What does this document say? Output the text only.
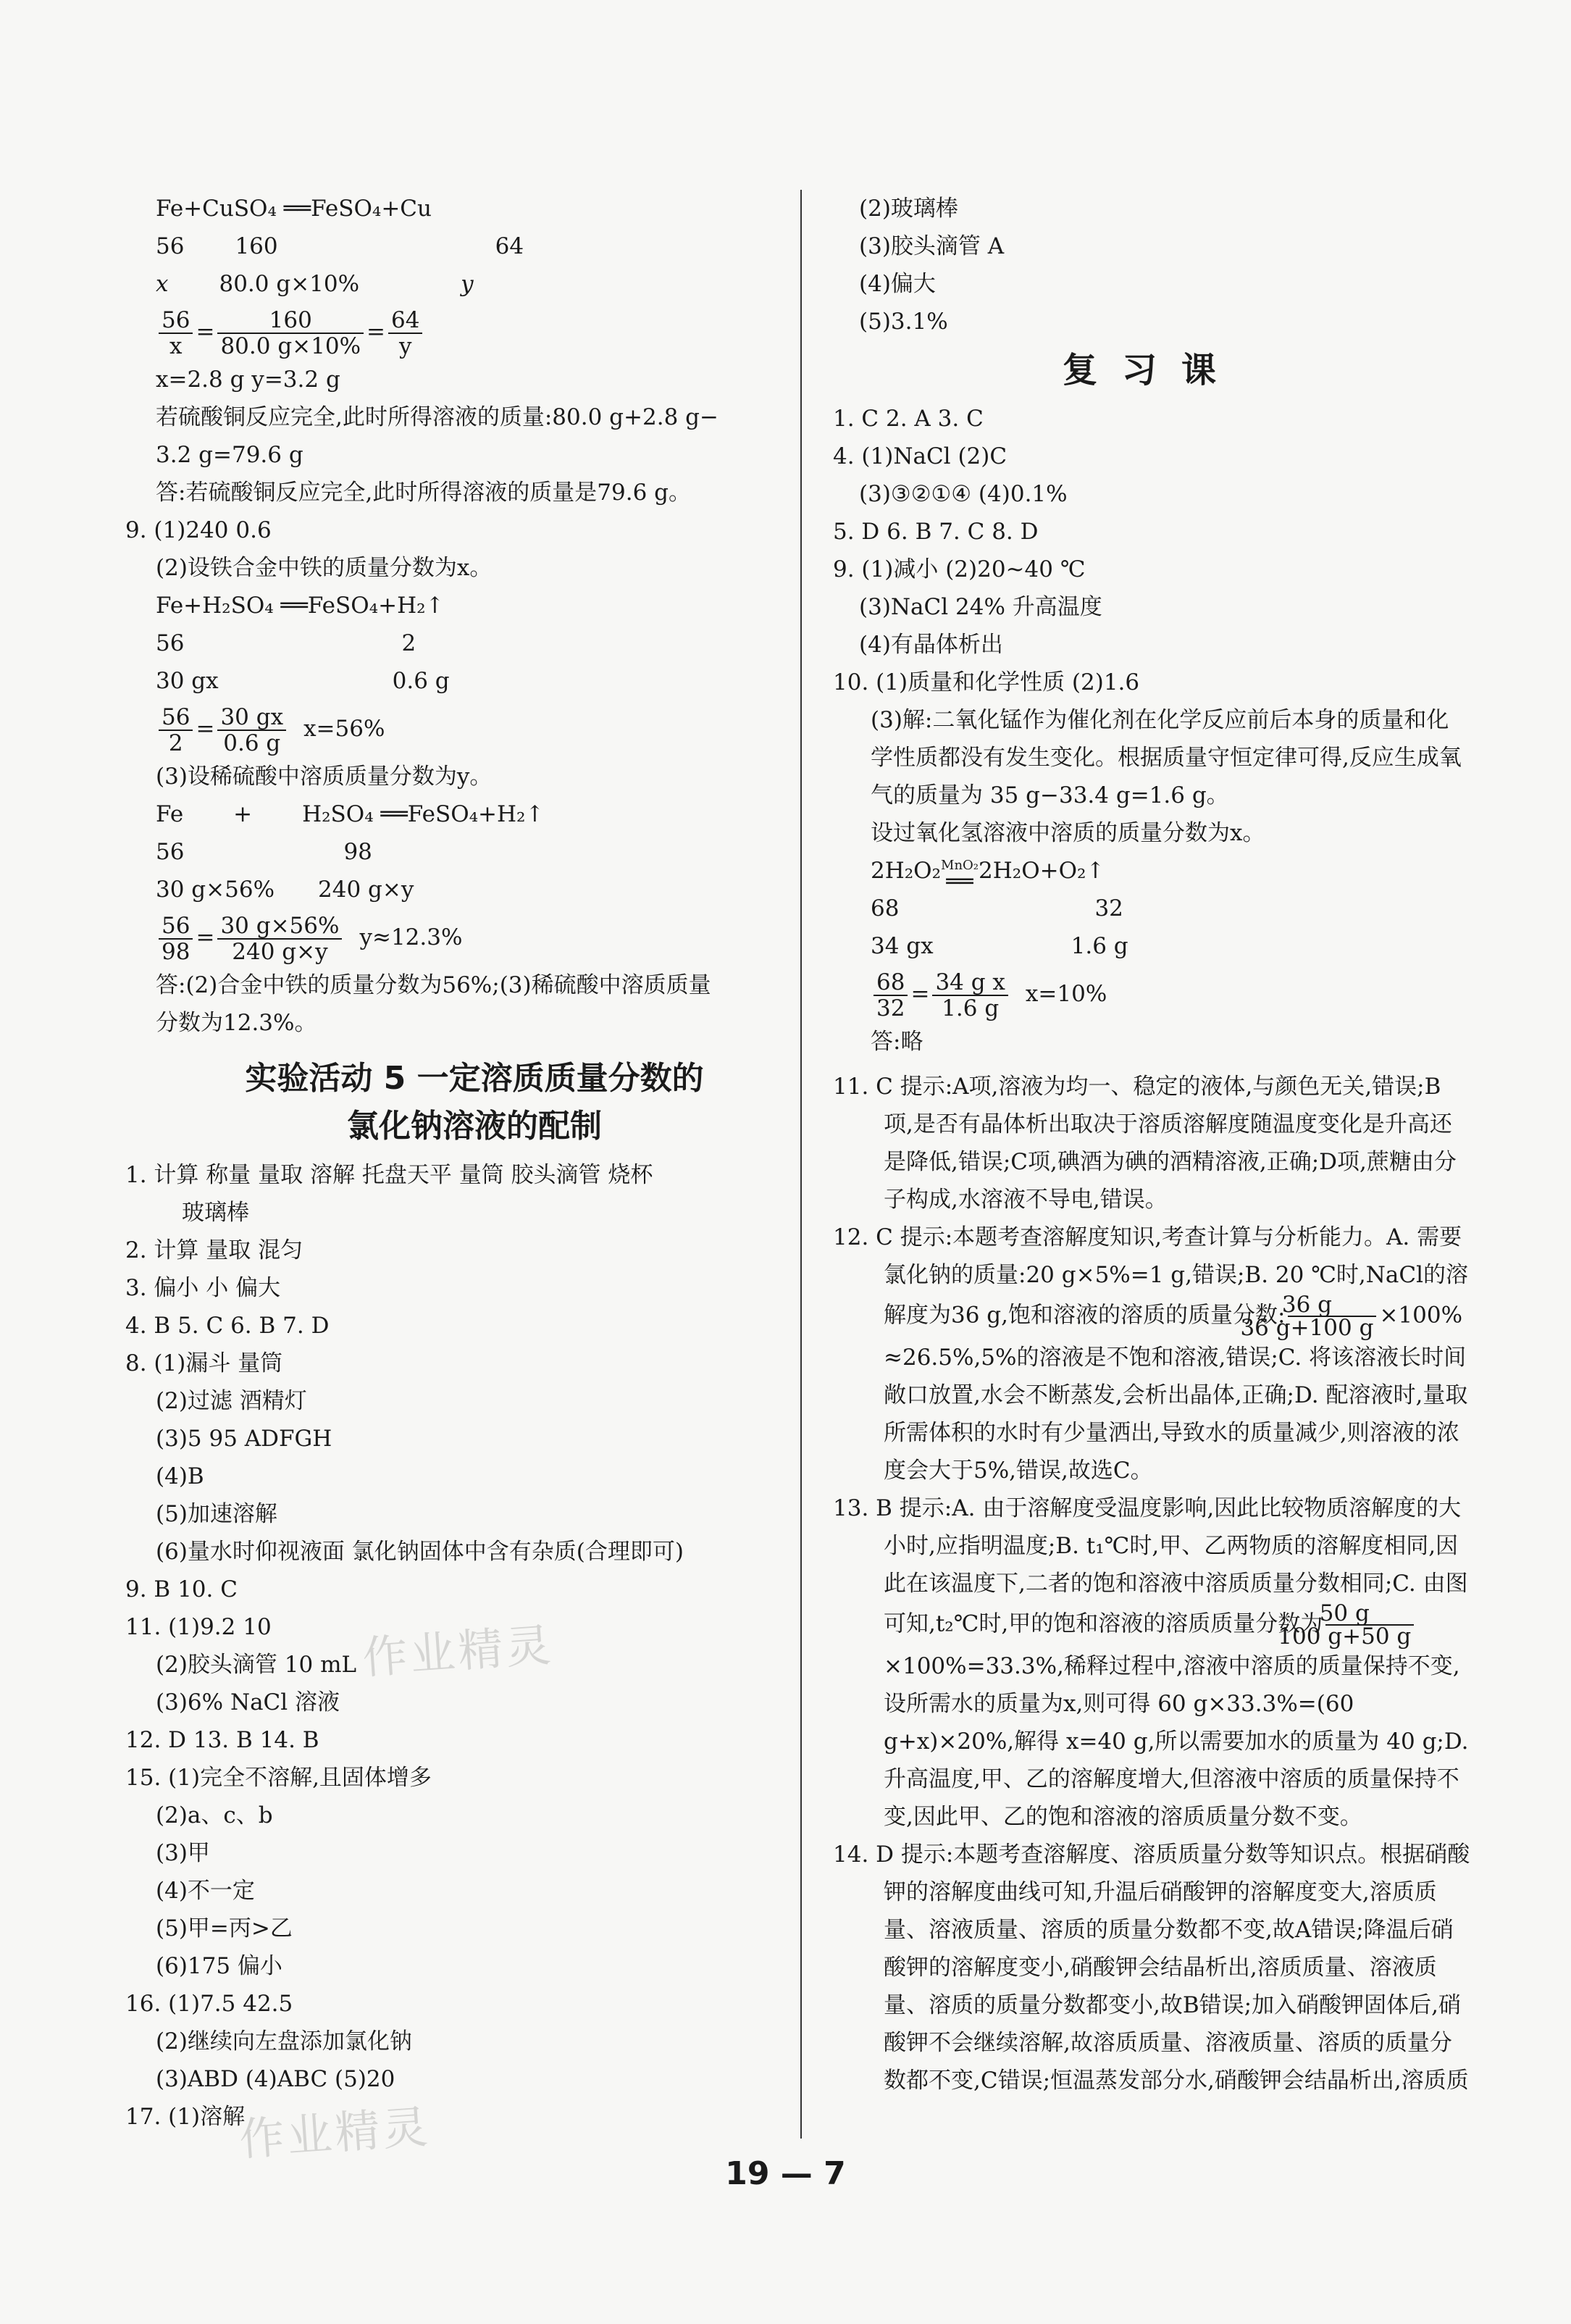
Fe+CuSO₄ ══FeSO₄+Cu
56 160	64
x 80.0 g×10%	y
$\frac{56}{x} = \frac{160}{80.0 g\times 10\%} = \frac{64}{y}$
x=2.8 g y=3.2 g
若硫酸铜反应完全,此时所得溶液的质量:80.0 g+2.8 g−
3.2 g=79.6 g
答:若硫酸铜反应完全,此时所得溶液的质量是79.6 g。
9. (1)240 0.6
(2)设铁合金中铁的质量分数为x。
Fe+H₂SO₄ ══FeSO₄+H₂↑
56	2
30 gx	0.6 g
$\frac{56}{2} = \frac{30 gx}{0.6 g} x=56\%$
(3)设稀硫酸中溶质质量分数为y。
Fe       +       H₂SO₄ ══FeSO₄+H₂↑
56	98
30 g×56% 240 g×y
$\frac{56}{98} = \frac{30 g\times 56\%}{240 g\times y} y\approx 12.3\%$
答:(2)合金中铁的质量分数为56%;(3)稀硫酸中溶质质量
分数为12.3%。
实验活动 5 一定溶质质量分数的
氯化钠溶液的配制
1. 计算 称量 量取 溶解 托盘天平 量筒 胶头滴管 烧杯
玻璃棒
2. 计算 量取 混匀
3. 偏小 小 偏大
4. B 5. C 6. B 7. D
8. (1)漏斗 量筒
(2)过滤 酒精灯
(3)5 95 ADFGH
(4)B
(5)加速溶解
(6)量水时仰视液面 氯化钠固体中含有杂质(合理即可)
9. B 10. C
11. (1)9.2 10
(2)胶头滴管 10 mL
(3)6% NaCl 溶液
12. D 13. B 14. B
15. (1)完全不溶解,且固体增多
(2)a、c、b
(3)甲
(4)不一定
(5)甲=丙>乙
(6)175 偏小
16. (1)7.5 42.5
(2)继续向左盘添加氯化钠
(3)ABD (4)ABC (5)20
17. (1)溶解
(2)玻璃棒
(3)胶头滴管 A
(4)偏大
(5)3.1%
复习课
1. C 2. A 3. C
4. (1)NaCl (2)C
(3)③②①④ (4)0.1%
5. D 6. B 7. C 8. D
9. (1)减小 (2)20~40 ℃
(3)NaCl 24% 升高温度
(4)有晶体析出
10. (1)质量和化学性质 (2)1.6
(3)解:二氧化锰作为催化剂在化学反应前后本身的质量和化学性质都没有发生变化。根据质量守恒定律可得,反应生成氧气的质量为 35 g−33.4 g=1.6 g。
设过氧化氢溶液中溶质的质量分数为x。
2H₂O₂ MnO₂
══ 2H₂O+O₂↑
68	32
34 gx	1.6 g
$\frac{68}{32} = \frac{\text{34 g x}}{1.6 g} x=10\%$
答:略
11. C 提示:A项,溶液为均一、稳定的液体,与颜色无关,错误;B项,是否有晶体析出取决于溶质溶解度随温度变化是升高还是降低,错误;C项,碘酒为碘的酒精溶液,正确;D项,蔗糖由分子构成,水溶液不导电,错误。
12. C 提示:本题考查溶解度知识,考查计算与分析能力。A. 需要氯化钠的质量:20 g×5%=1 g,错误;B. 20 ℃时,NaCl的溶解度为36 g,饱和溶液的溶质的质量分数: $\frac{36 g}{36 g+100 g} \times 100\%$
≈26.5%,5%的溶液是不饱和溶液,错误;C. 将该溶液长时间敞口放置,水会不断蒸发,会析出晶体,正确;D. 配溶液时,量取所需体积的水时有少量洒出,导致水的质量减少,则溶液的浓度会大于5%,错误,故选C。
13. B 提示:A. 由于溶解度受温度影响,因此比较物质溶解度的大小时,应指明温度;B. t₁℃时,甲、乙两物质的溶解度相同,因此在该温度下,二者的饱和溶液中溶质质量分数相同;C. 由图可知,t₂℃时,甲的饱和溶液的溶质质量分数为 $\frac{50 g}{100 g+50 g}$
×100%=33.3%,稀释过程中,溶液中溶质的质量保持不变,设所需水的质量为x,则可得 60 g×33.3%=(60 g+x)×20%,解得 x=40 g,所以需要加水的质量为 40 g;D. 升高温度,甲、乙的溶解度增大,但溶液中溶质的质量保持不变,因此甲、乙的饱和溶液的溶质质量分数不变。
14. D 提示:本题考查溶解度、溶质质量分数等知识点。根据硝酸钾的溶解度曲线可知,升温后硝酸钾的溶解度变大,溶质质量、溶液质量、溶质的质量分数都不变,故A错误;降温后硝酸钾的溶解度变小,硝酸钾会结晶析出,溶质质量、溶液质量、溶质的质量分数都变小,故B错误;加入硝酸钾固体后,硝酸钾不会继续溶解,故溶质质量、溶液质量、溶质的质量分数都不变,C错误;恒温蒸发部分水,硝酸钾会结晶析出,溶质质
作业精灵
作业精灵
19 — 7
